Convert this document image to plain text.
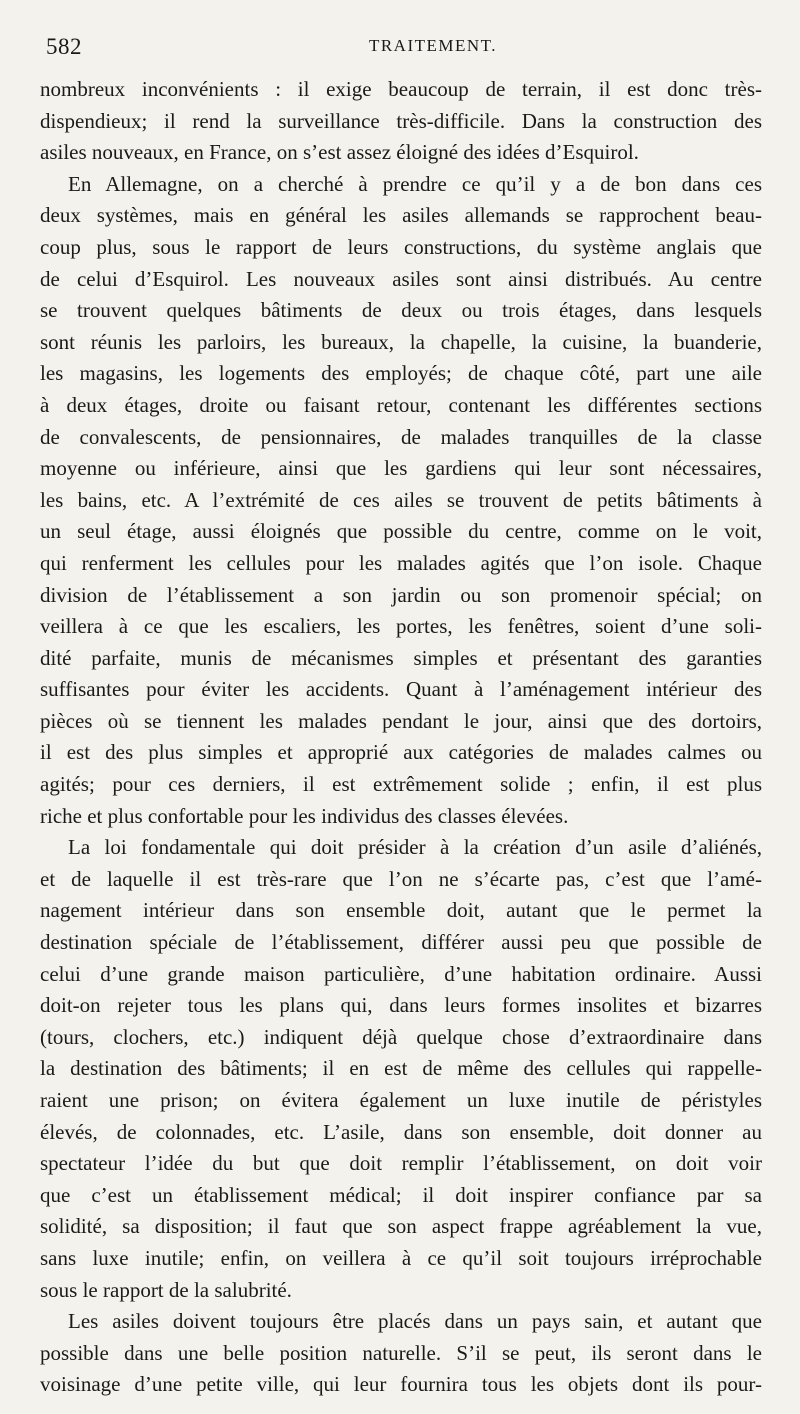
582	TRAITEMENT.

nombreux inconvénients : il exige beaucoup de terrain, il est donc très-
dispendieux; il rend la surveillance très-difficile. Dans la construction des
asiles nouveaux, en France, on s’est assez éloigné des idées d’Esquirol.

En Allemagne, on a cherché à prendre ce qu’il y a de bon dans ces
deux systèmes, mais en général les asiles allemands se rapprochent beau-
coup plus, sous le rapport de leurs constructions, du système anglais que
de celui d’Esquirol. Les nouveaux asiles sont ainsi distribués. Au centre
se trouvent quelques bâtiments de deux ou trois étages, dans lesquels
sont réunis les parloirs, les bureaux, la chapelle, la cuisine, la buanderie,
les magasins, les logements des employés; de chaque côté, part une aile
à deux étages, droite ou faisant retour, contenant les différentes sections
de convalescents, de pensionnaires, de malades tranquilles de la classe
moyenne ou inférieure, ainsi que les gardiens qui leur sont nécessaires,
les bains, etc. A l’extrémité de ces ailes se trouvent de petits bâtiments à
un seul étage, aussi éloignés que possible du centre, comme on le voit,
qui renferment les cellules pour les malades agités que l’on isole. Chaque
division de l’établissement a son jardin ou son promenoir spécial; on
veillera à ce que les escaliers, les portes, les fenêtres, soient d’une soli-
dité parfaite, munis de mécanismes simples et présentant des garanties
suffisantes pour éviter les accidents. Quant à l’aménagement intérieur des
pièces où se tiennent les malades pendant le jour, ainsi que des dortoirs,
il est des plus simples et approprié aux catégories de malades calmes ou
agités; pour ces derniers, il est extrêmement solide ; enfin, il est plus
riche et plus confortable pour les individus des classes élevées.

La loi fondamentale qui doit présider à la création d’un asile d’aliénés,
et de laquelle il est très-rare que l’on ne s’écarte pas, c’est que l’amé-
nagement intérieur dans son ensemble doit, autant que le permet la
destination spéciale de l’établissement, différer aussi peu que possible de
celui d’une grande maison particulière, d’une habitation ordinaire. Aussi
doit-on rejeter tous les plans qui, dans leurs formes insolites et bizarres
(tours, clochers, etc.) indiquent déjà quelque chose d’extraordinaire dans
la destination des bâtiments; il en est de même des cellules qui rappelle-
raient une prison; on évitera également un luxe inutile de péristyles
élevés, de colonnades, etc. L’asile, dans son ensemble, doit donner au
spectateur l’idée du but que doit remplir l’établissement, on doit voir
que c’est un établissement médical; il doit inspirer confiance par sa
solidité, sa disposition; il faut que son aspect frappe agréablement la vue,
sans luxe inutile; enfin, on veillera à ce qu’il soit toujours irréprochable
sous le rapport de la salubrité.

Les asiles doivent toujours être placés dans un pays sain, et autant que
possible dans une belle position naturelle. S’il se peut, ils seront dans le
voisinage d’une petite ville, qui leur fournira tous les objets dont ils pour-
